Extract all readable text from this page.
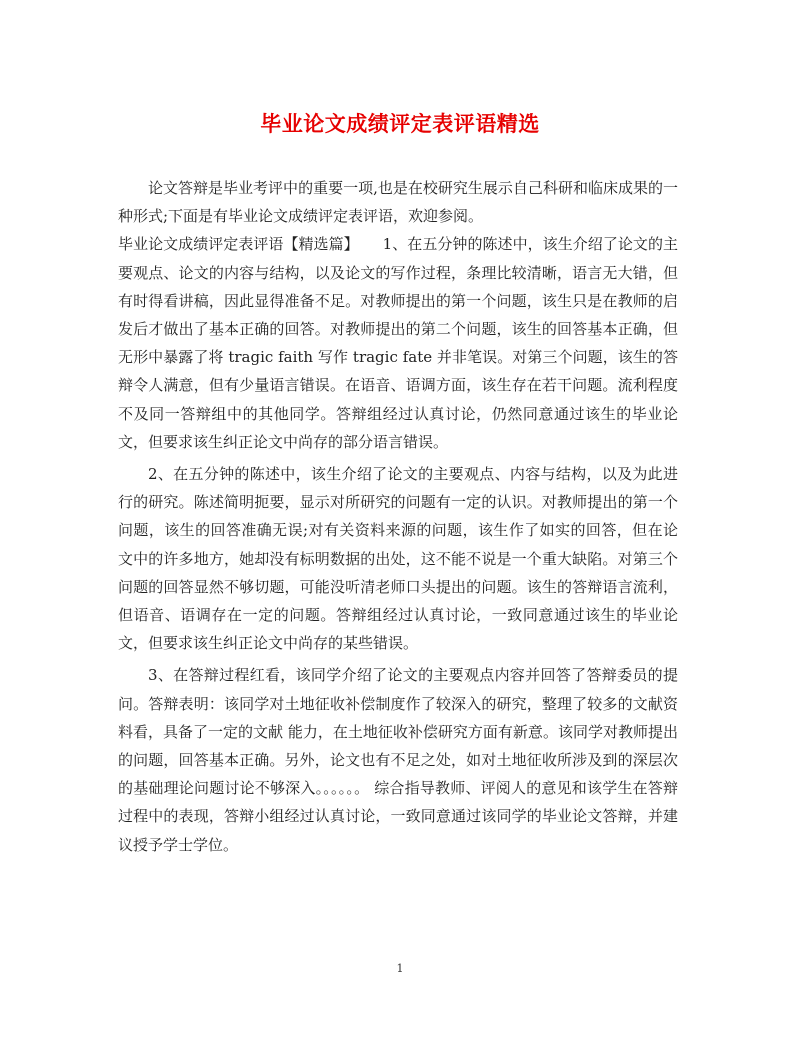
毕业论文成绩评定表评语精选

论文答辩是毕业考评中的重要一项,也是在校研究生展示自己科研和临床成果的一种形式;下面是有毕业论文成绩评定表评语，欢迎参阅。

毕业论文成绩评定表评语【精选篇】 1、在五分钟的陈述中，该生介绍了论文的主要观点、论文的内容与结构，以及论文的写作过程，条理比较清晰，语言无大错，但有时得看讲稿，因此显得准备不足。对教师提出的第一个问题，该生只是在教师的启发后才做出了基本正确的回答。对教师提出的第二个问题，该生的回答基本正确，但无形中暴露了将 tragic faith 写作 tragic fate 并非笔误。对第三个问题，该生的答辩令人满意，但有少量语言错误。在语音、语调方面，该生存在若干问题。流利程度不及同一答辩组中的其他同学。答辩组经过认真讨论，仍然同意通过该生的毕业论文，但要求该生纠正论文中尚存的部分语言错误。

2、在五分钟的陈述中，该生介绍了论文的主要观点、内容与结构，以及为此进行的研究。陈述简明扼要，显示对所研究的问题有一定的认识。对教师提出的第一个问题，该生的回答准确无误;对有关资料来源的问题，该生作了如实的回答，但在论文中的许多地方，她却没有标明数据的出处，这不能不说是一个重大缺陷。对第三个问题的回答显然不够切题，可能没听清老师口头提出的问题。该生的答辩语言流利，但语音、语调存在一定的问题。答辩组经过认真讨论，一致同意通过该生的毕业论文，但要求该生纠正论文中尚存的某些错误。

3、在答辩过程红看，该同学介绍了论文的主要观点内容并回答了答辩委员的提问。答辩表明：该同学对土地征收补偿制度作了较深入的研究，整理了较多的文献资料看，具备了一定的文献 能力，在土地征收补偿研究方面有新意。该同学对教师提出的问题，回答基本正确。另外，论文也有不足之处，如对土地征收所涉及到的深层次的基础理论问题讨论不够深入。。。。。。 综合指导教师、评阅人的意见和该学生在答辩过程中的表现，答辩小组经过认真讨论，一致同意通过该同学的毕业论文答辩，并建议授予学士学位。

1
